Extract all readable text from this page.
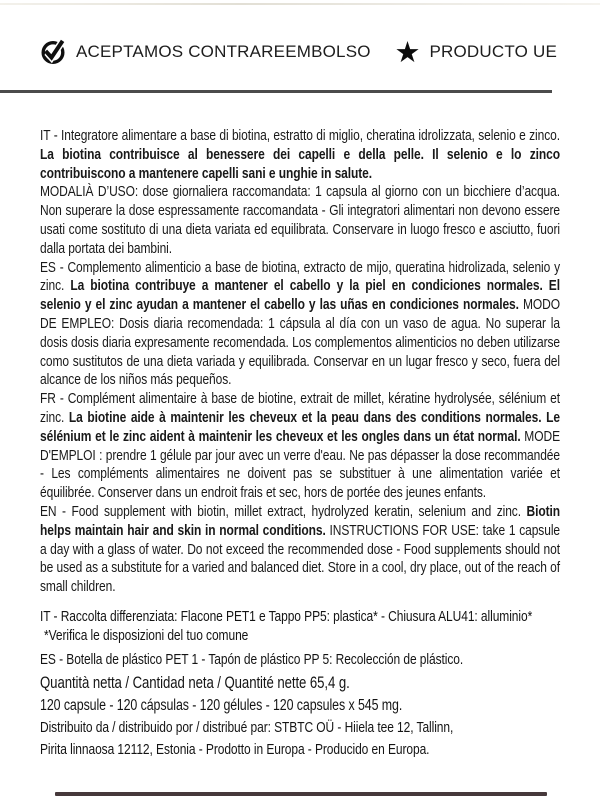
ACEPTAMOS CONTRAREEMBOLSO ★ PRODUCTO UE

IT - Integratore alimentare a base di biotina, estratto di miglio, cheratina idrolizzata, selenio e zinco. La biotina contribuisce al benessere dei capelli e della pelle. Il selenio e lo zinco contribuiscono a mantenere capelli sani e unghie in salute.

MODALIÀ D’USO: dose giornaliera raccomandata: 1 capsula al giorno con un bicchiere d’acqua. Non superare la dose espressamente raccomandata - Gli integratori alimentari non devono essere usati come sostituto di una dieta variata ed equilibrata. Conservare in luogo fresco e asciutto, fuori dalla portata dei bambini.

ES - Complemento alimenticio a base de biotina, extracto de mijo, queratina hidrolizada, selenio y zinc. La biotina contribuye a mantener el cabello y la piel en condiciones normales. El selenio y el zinc ayudan a mantener el cabello y las uñas en condiciones normales. MODO DE EMPLEO: Dosis diaria recomendada: 1 cápsula al día con un vaso de agua. No superar la dosis dosis diaria expresamente recomendada. Los complementos alimenticios no deben utilizarse como sustitutos de una dieta variada y equilibrada. Conservar en un lugar fresco y seco, fuera del alcance de los niños más pequeños.

FR - Complément alimentaire à base de biotine, extrait de millet, kératine hydrolysée, sélénium et zinc. La biotine aide à maintenir les cheveux et la peau dans des conditions normales. Le sélénium et le zinc aident à maintenir les cheveux et les ongles dans un état normal. MODE D'EMPLOI : prendre 1 gélule par jour avec un verre d'eau. Ne pas dépasser la dose recommandée - Les compléments alimentaires ne doivent pas se substituer à une alimentation variée et équilibrée. Conserver dans un endroit frais et sec, hors de portée des jeunes enfants.

EN - Food supplement with biotin, millet extract, hydrolyzed keratin, selenium and zinc. Biotin helps maintain hair and skin in normal conditions. INSTRUCTIONS FOR USE: take 1 capsule a day with a glass of water. Do not exceed the recommended dose - Food supplements should not be used as a substitute for a varied and balanced diet. Store in a cool, dry place, out of the reach of small children.

IT - Raccolta differenziata: Flacone PET1 e Tappo PP5: plastica* - Chiusura ALU41: alluminio*
*Verifica le disposizioni del tuo comune
ES - Botella de plástico PET 1 - Tapón de plástico PP 5: Recolección de plástico.
Quantità netta / Cantidad neta / Quantité nette 65,4 g.
120 capsule - 120 cápsulas - 120 gélules - 120 capsules x 545 mg.
Distribuito da / distribuido por / distribué par: STBTC OÜ - Hiiela tee 12, Tallinn,
Pirita linnaosa 12112, Estonia - Prodotto in Europa - Producido en Europa.
